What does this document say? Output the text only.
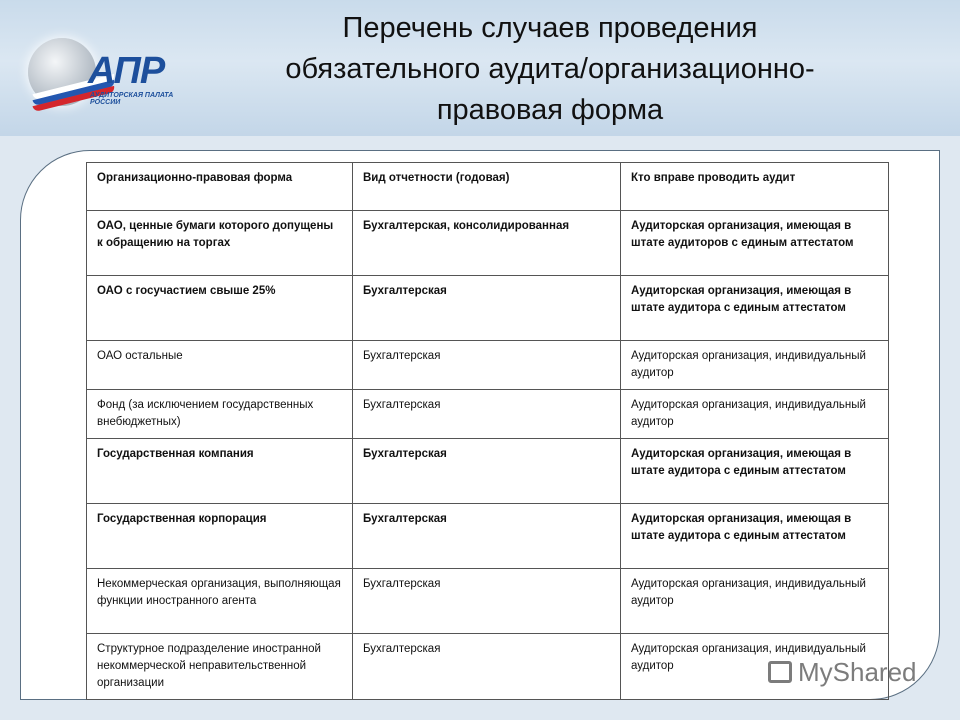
АПР
АУДИТОРСКАЯ ПАЛАТА РОССИИ
Перечень случаев проведения
обязательного аудита/организационно-
правовая форма
Организационно-правовая форма	Вид отчетности (годовая)	Кто вправе проводить аудит
ОАО, ценные бумаги которого допущены к обращению на торгах	Бухгалтерская, консолидированная	Аудиторская организация, имеющая в штате аудиторов с единым аттестатом
ОАО с госучастием свыше 25%	Бухгалтерская	Аудиторская организация, имеющая в штате аудитора с единым аттестатом
ОАО остальные	Бухгалтерская	Аудиторская организация, индивидуальный аудитор
Фонд (за исключением государственных внебюджетных)	Бухгалтерская	Аудиторская организация, индивидуальный аудитор
Государственная компания	Бухгалтерская	Аудиторская организация, имеющая в штате аудитора с единым аттестатом
Государственная корпорация	Бухгалтерская	Аудиторская организация, имеющая в штате аудитора с единым аттестатом
Некоммерческая организация, выполняющая функции иностранного агента	Бухгалтерская	Аудиторская организация, индивидуальный аудитор
Структурное подразделение иностранной некоммерческой неправительственной организации	Бухгалтерская	Аудиторская организация, индивидуальный аудитор	MyShared
